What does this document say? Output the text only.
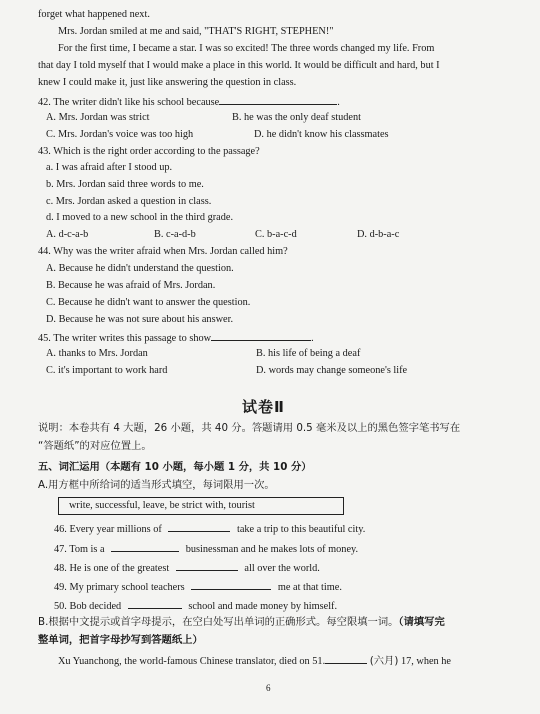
forget what happened next.
Mrs. Jordan smiled at me and said, "THAT'S RIGHT, STEPHEN!"
For the first time, I became a star. I was so excited! The three words changed my life. From
that day I told myself that I would make a place in this world. It would be difficult and hard, but I
knew I could make it, just like answering the question in class.
42. The writer didn't like his school because	.
A. Mrs. Jordan was strict	B. he was the only deaf student
C. Mrs. Jordan's voice was too high	D. he didn't know his classmates
43. Which is the right order according to the passage?
a. I was afraid after I stood up.
b. Mrs. Jordan said three words to me.
c. Mrs. Jordan asked a question in class.
d. I moved to a new school in the third grade.
A. d-c-a-b	B. c-a-d-b	C. b-a-c-d	D. d-b-a-c
44. Why was the writer afraid when Mrs. Jordan called him?
A. Because he didn't understand the question.
B. Because he was afraid of Mrs. Jordan.
C. Because he didn't want to answer the question.
D. Because he was not sure about his answer.
45. The writer writes this passage to show	.
A. thanks to Mrs. Jordan	B. his life of being a deaf
C. it's important to work hard	D. words may change someone's life
试卷Ⅱ
说明：本卷共有 4 大题，26 小题，共 40 分。答题请用 0.5 毫米及以上的黑色签字笔书写在
“答题纸”的对应位置上。
五、词汇运用（本题有 10 小题，每小题 1 分，共 10 分）
A.用方框中所给词的适当形式填空，每词限用一次。
write, successful, leave, be strict with, tourist
46. Every year millions of	take a trip to this beautiful city.
47. Tom is a	businessman and he makes lots of money.
48. He is one of the greatest	all over the world.
49. My primary school teachers	me at that time.
50. Bob decided	school and made money by himself.
B.根据中文提示或首字母提示，在空白处写出单词的正确形式。每空限填一词。（请填写完
整单词，把首字母抄写到答题纸上）
Xu Yuanchong, the world-famous Chinese translator, died on 51.	(六月) 17, when he
6
